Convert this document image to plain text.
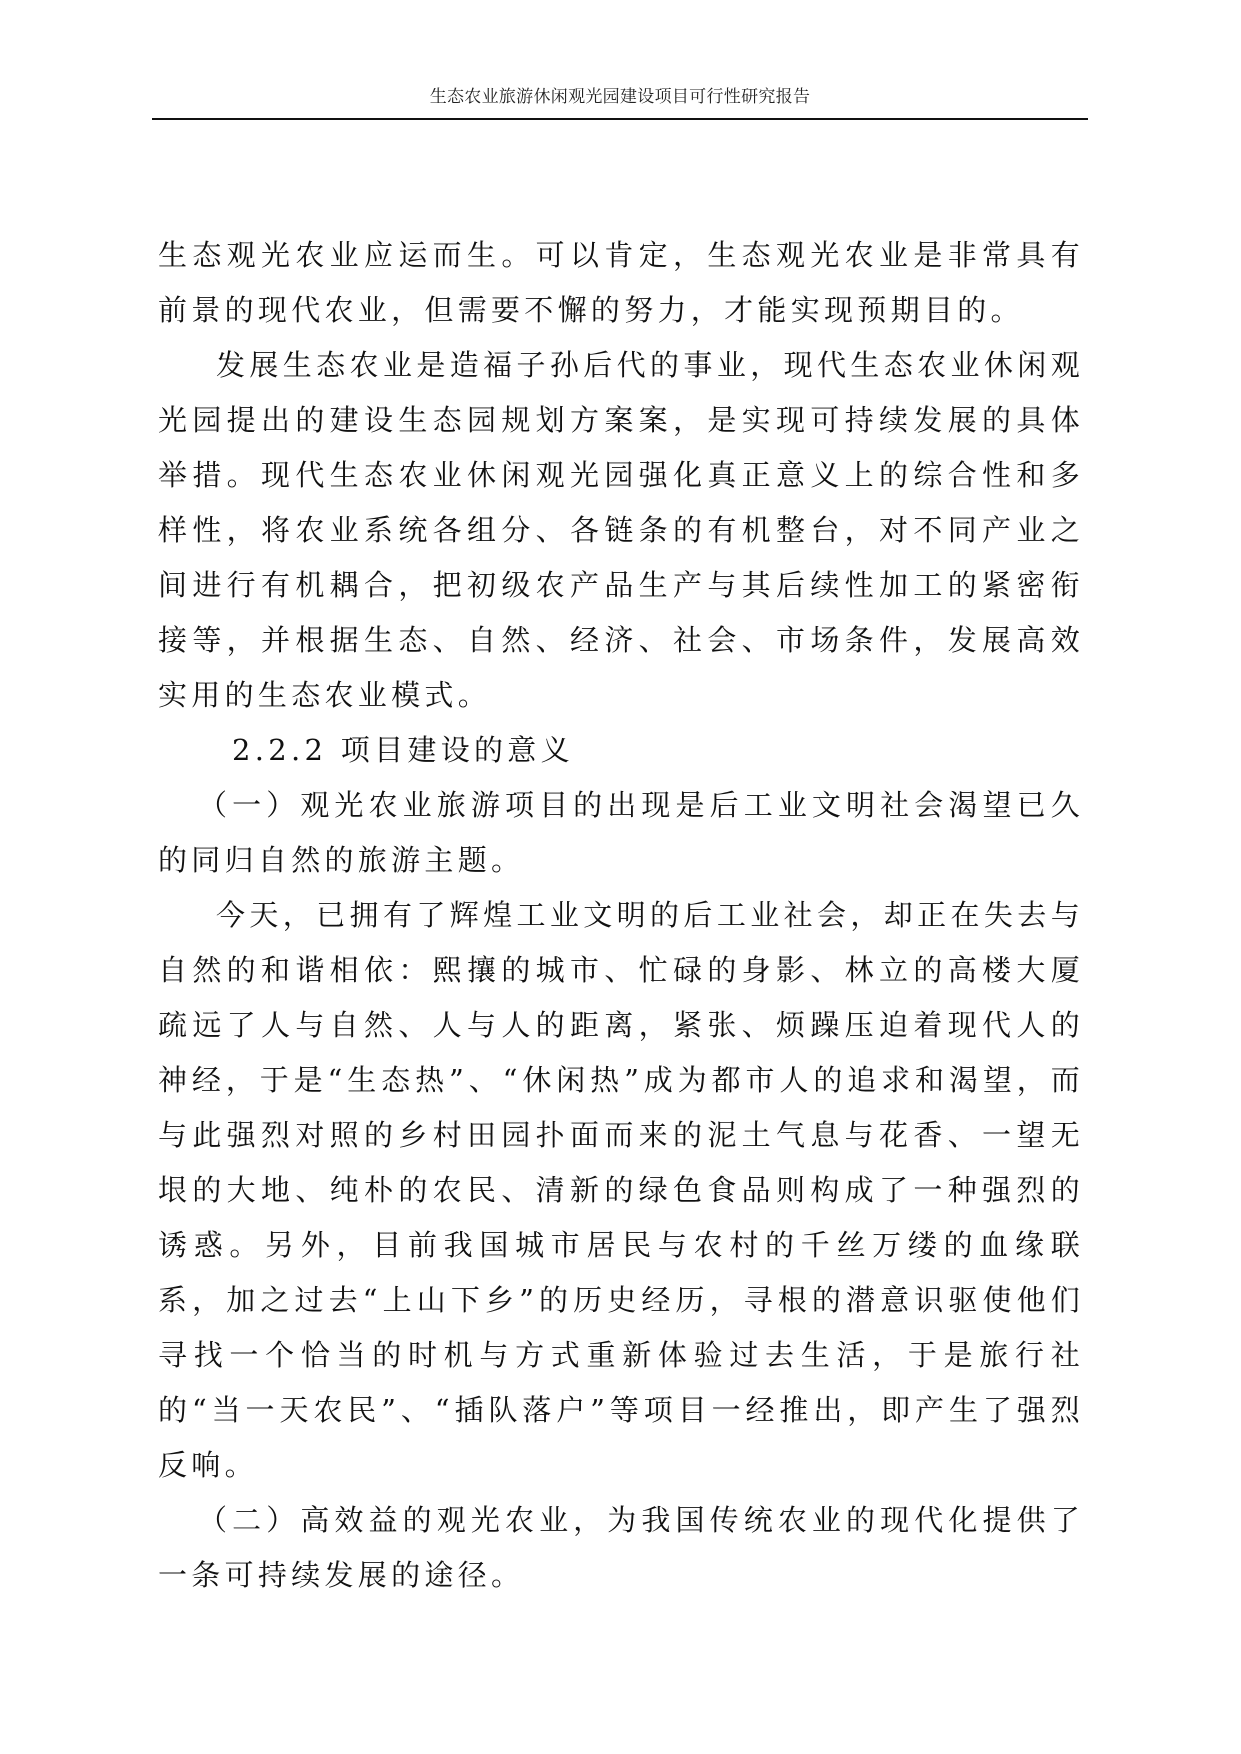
生态农业旅游休闲观光园建设项目可行性研究报告

生态观光农业应运而生。可以肯定，生态观光农业是非常具有前景的现代农业，但需要不懈的努力，才能实现预期目的。

发展生态农业是造福子孙后代的事业，现代生态农业休闲观光园提出的建设生态园规划方案案，是实现可持续发展的具体举措。现代生态农业休闲观光园强化真正意义上的综合性和多样性，将农业系统各组分、各链条的有机整台，对不同产业之间进行有机耦合，把初级农产品生产与其后续性加工的紧密衔接等，并根据生态、自然、经济、社会、市场条件，发展高效实用的生态农业模式。

2.2.2 项目建设的意义

（一）观光农业旅游项目的出现是后工业文明社会渴望已久的同归自然的旅游主题。

今天，已拥有了辉煌工业文明的后工业社会，却正在失去与自然的和谐相依：熙攘的城市、忙碌的身影、林立的高楼大厦疏远了人与自然、人与人的距离，紧张、烦躁压迫着现代人的神经，于是“生态热”、“休闲热”成为都市人的追求和渴望，而与此强烈对照的乡村田园扑面而来的泥土气息与花香、一望无垠的大地、纯朴的农民、清新的绿色食品则构成了一种强烈的诱惑。另外，目前我国城市居民与农村的千丝万缕的血缘联系，加之过去“上山下乡”的历史经历，寻根的潜意识驱使他们寻找一个恰当的时机与方式重新体验过去生活，于是旅行社的“当一天农民”、“插队落户”等项目一经推出，即产生了强烈反响。

（二）高效益的观光农业，为我国传统农业的现代化提供了一条可持续发展的途径。
